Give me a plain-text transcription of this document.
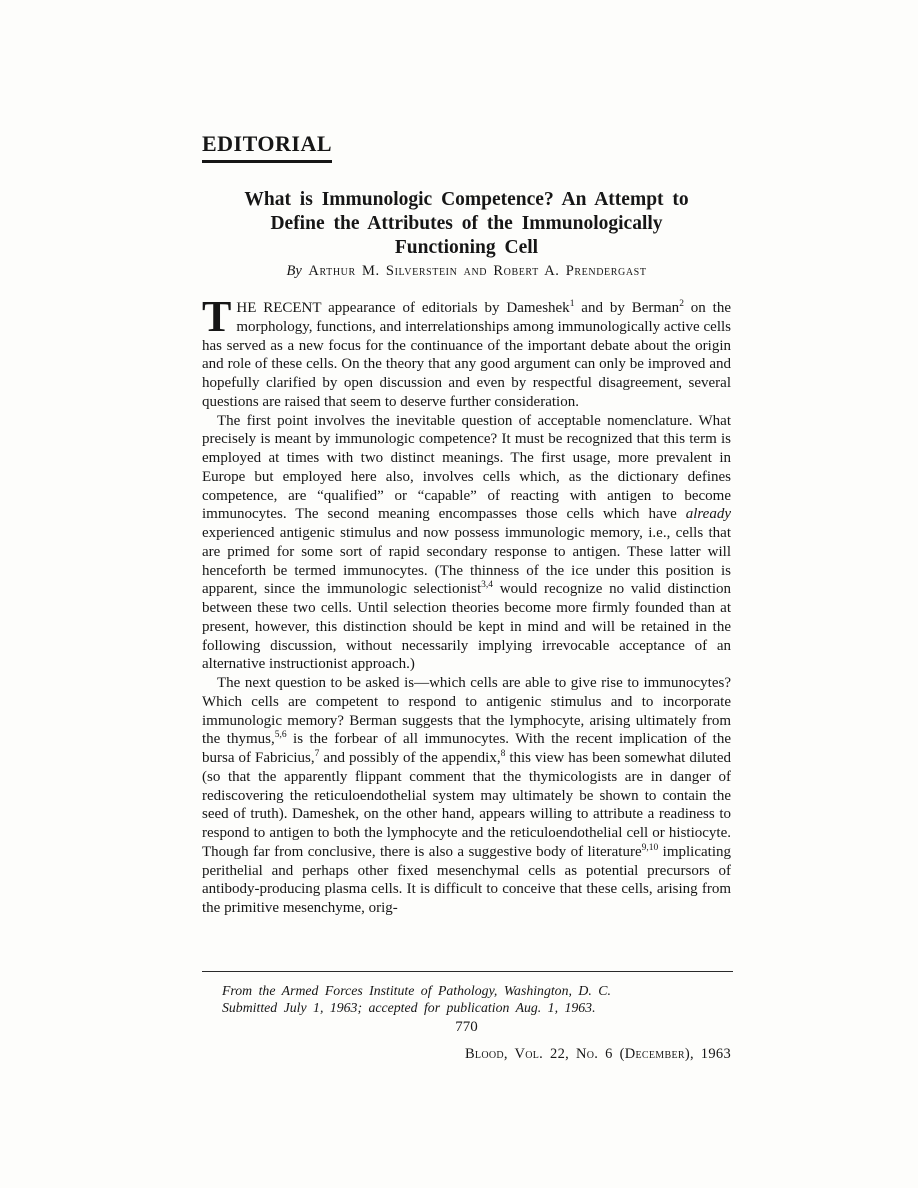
EDITORIAL
What is Immunologic Competence? An Attempt to
Define the Attributes of the Immunologically
Functioning Cell
By Arthur M. Silverstein and Robert A. Prendergast

T HE RECENT appearance of editorials by Dameshek$^1$ and by Berman$^2$ on the morphology, functions, and interrelationships among immunologically active cells has served as a new focus for the continuance of the important debate about the origin and role of these cells. On the theory that any good argument can only be improved and hopefully clarified by open discussion and even by respectful disagreement, several questions are raised that seem to deserve further consideration.

The first point involves the inevitable question of acceptable nomenclature. What precisely is meant by immunologic competence? It must be recognized that this term is employed at times with two distinct meanings. The first usage, more prevalent in Europe but employed here also, involves cells which, as the dictionary defines competence, are “qualified” or “capable” of reacting with antigen to become immunocytes. The second meaning encompasses those cells which have already experienced antigenic stimulus and now possess immunologic memory, i.e., cells that are primed for some sort of rapid secondary response to antigen. These latter will henceforth be termed immunocytes. (The thinness of the ice under this position is apparent, since the immunologic selectionist$^{3,4}$ would recognize no valid distinction between these two cells. Until selection theories become more firmly founded than at present, however, this distinction should be kept in mind and will be retained in the following discussion, without necessarily implying irrevocable acceptance of an alternative instructionist approach.)

The next question to be asked is—which cells are able to give rise to immunocytes? Which cells are competent to respond to antigenic stimulus and to incorporate immunologic memory? Berman suggests that the lymphocyte, arising ultimately from the thymus,$^{5,6}$ is the forbear of all immunocytes. With the recent implication of the bursa of Fabricius,$^7$ and possibly of the appendix,$^8$ this view has been somewhat diluted (so that the apparently flippant comment that the thymicologists are in danger of rediscovering the reticuloendothelial system may ultimately be shown to contain the seed of truth). Dameshek, on the other hand, appears willing to attribute a readiness to respond to antigen to both the lymphocyte and the reticuloendothelial cell or histiocyte. Though far from conclusive, there is also a suggestive body of literature$^{9,10}$ implicating perithelial and perhaps other fixed mesenchymal cells as potential precursors of antibody-producing plasma cells. It is difficult to conceive that these cells, arising from the primitive mesenchyme, orig-

From the Armed Forces Institute of Pathology, Washington, D. C.
Submitted July 1, 1963; accepted for publication Aug. 1, 1963.
770
Blood, Vol. 22, No. 6 (December), 1963
